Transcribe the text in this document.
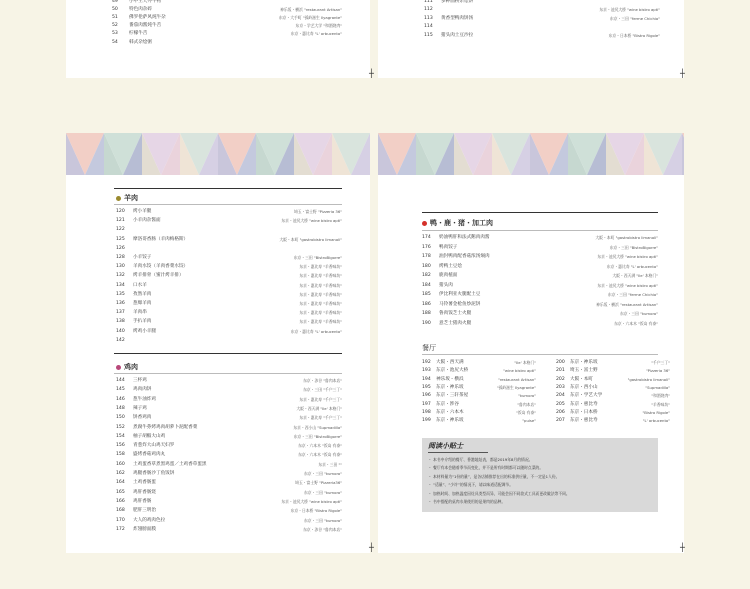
49	小中王天外牛物
50	特色肉杂碎	神乐坂・横浜 "restaurant Artisan"
51	佛罗伦萨风炖牛杂	东京・大手町 "孤岭滋生 Ilyagrante"
52	番茄肉酱炖牛舌	东京・学艺大学 "和酒烧肉"
53	柠檬牛舌	东京・惠比寿 "L' orbucento"
54	韩式杂烩粥
111	多种面粉杂烩饼
112	东京・池尻大桥 "wine bistro apti"
113	黄香型鸭肉饼汤	东京・三田 "ferme Chichio"
114
115	猪头肉土豆沙拉	东京・日本桥 "Bistro Rigole"
羊肉
120	烤小羊腿	埼玉・富士野 "Pizzeria 36"
121	小羊肉杂酱面	东京・池尻大桥 "wine bistro apti"
122
125	摩洛哥香肠（羊肉梅格斯）	大阪・本町 "gastrobistro limanoli"
126
128	小羊饺子	东京・三田 "BistroBigorre"
130	羊肉水饺（羊肉香菜水饺）	东京・惠比寿 "羊香味坊"
132	烤羊排骨（蜜汁烤羊排）	东京・惠比寿 "羊香味坊"
134	口水羊	东京・惠比寿 "羊香味坊"
135	孜然羊肉	东京・惠比寿 "羊香味坊"
136	葱爆羊肉	东京・惠比寿 "羊香味坊"
137	羊肉串	东京・惠比寿 "羊香味坊"
138	手扒羊肉	东京・惠比寿 "羊香味坊"
140	烤鸡小羊腿	东京・惠比寿 "L' orbucento"
142
鸡肉
144	三杯鸡	东京・涉谷 "魯肉本店"
145	鸡肉肉饼	东京・三田 "千户三丁"
146	葱牛油炸鸡	东京・惠比寿 "千户三丁"
148	辣子鸡	大阪・西天满 "Ile' 本格门"
150	饼香鸡肉	东京・惠比寿 "千户三丁"
152	煮腐牛蒡烤鸡肉胡萝卜泥配香菜	东京・西小山 "Supmadilla"
154	柚子胡椒大山鸡	东京・三田 "BistroBigorre"
156	青葱炸大山鸡天妇罗	东京・六本木 "饭岛 有泰"
158	盛烤香菇鸡肉丸	东京・六本木 "饭岛 有泰"
160	土鸡蛋香草煮黑鸡蛋／土鸡香草蛋黑	东京・三田 ""
162	鸡腿香肠沙丁鱼饭饼	东京・三田 "kumoro"
164	土鸡香肠蛋	埼玉・富士野 "Pizzeria36"
165	鸡肝香肠烧	东京・三田 "kumoro"
166	鸡肝香肠	东京・池尻大桥 "wine bistro apti"
168	肥肝三明治	东京・日本桥 "Bistro Rigole"
170	大人的鸡肉色拉	东京・三田 "kumoro"
172	炸翅膀面膜	东京・涉谷 "魯肉本店"
鸭・鹿・猪・加工肉
174	奶油鸭肝和法式鹅肉肉酱	大阪・本町 "gastrobistro limanoli"
176	鸭肉饺子	东京・三田 "BistroBigorre"
178	油封鸭肉配香菇浓汤焖肉	东京・池尻大桥 "wine bistro apti"
180	烤鸭土豆烩	东京・惠比寿 "L' orbucento"
182	鹿肉植面	大阪・西天满 "Ile' 本格门"
184	猪头肉	东京・池尻大桥 "wine bistro apti"
185	伊比利亚火腿配土豆	东京・三田 "ferme Chichio"
186	马铃薯金枪鱼炒泥饼	神乐坂・横浜 "restaurant Artisan"
188	鲁肉饭芝士火腿	东京・三田 "kumoro"
190	意芝士猪肉火腿	东京・六本木 "饭岛 有泰"
餐厅
192	大阪・西天满	"Ile' 本格门"
193	东京・池尻大桥	"wine bistro apti"
194	神乐坂・横浜	"restaurant Artisan"
195	东京・神乐坂	"孤岭滋生 Ilyagrante"
196	东京・三轩茶屋	"kumoro"
197	东京・涉谷	"魯肉本店"
198	东京・六本木	"饭岛 有泰"
199	东京・神乐坂	"pulse"
200	东京・神乐坂	"千户三丁"
201	埼玉・富士野	"Pizzeria 36"
202	大阪・本町	"gastrobistro limanoli"
203	东京・西小山	"Supmadilla"
204	东京・学艺大学	"和酒烧肉"
205	东京・惠比寿	"羊香味坊"
206	东京・日本桥	"Bistro Rigole"
207	东京・惠比寿	"L' orbucento"
阅读小贴士
・ 本书中介绍的餐厅、香港地址表，都是2019年8月的情况。
・ 餐厅有本会随着季节而变化，并不是所有时期都可以随时点菜的。
・ 本材料量为“1份的量”，是各店铺推荐在出的标准供应量，不一定是1人份。
・ “适量”、“少许”的情况下，请以味道适配调节。
・ 加热时间、加热温度因灶具类型而异，可能会因不同款式工具而更改做法等不同。
・ 书中搭配的桌肉水果使用的是果肉的品种。
┼	┼
┼	┼
